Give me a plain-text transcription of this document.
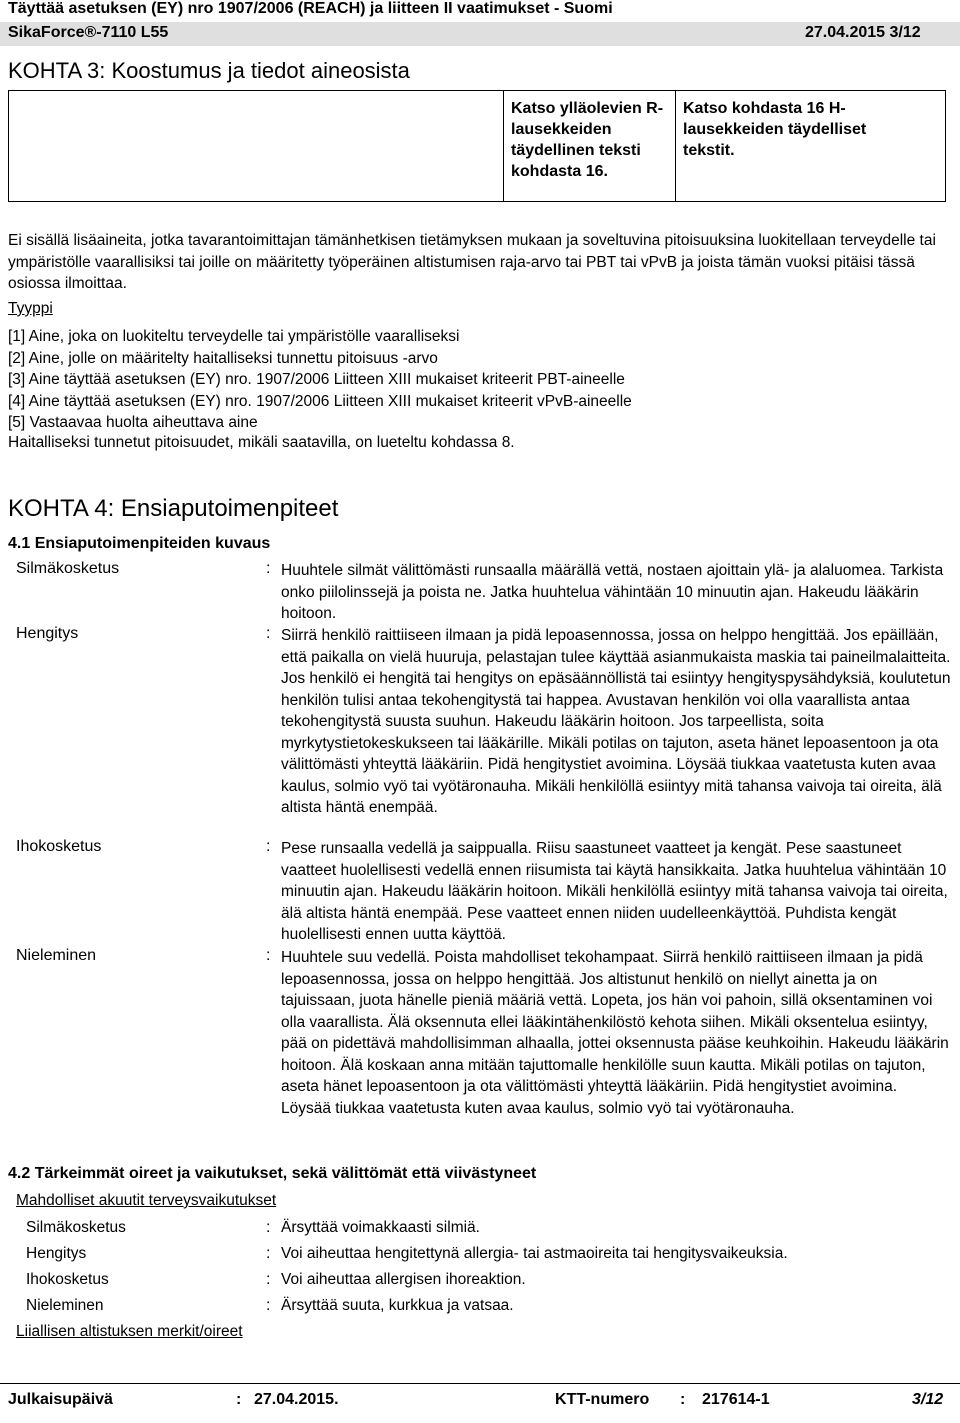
Täyttää asetuksen (EY) nro 1907/2006 (REACH) ja liitteen II vaatimukset - Suomi
SikaForce®-7110 L55	27.04.2015 3/12
KOHTA 3: Koostumus ja tiedot aineosista
Katso ylläolevien R-lausekkeiden täydellinen teksti kohdasta 16.
Katso kohdasta 16 H-lausekkeiden täydelliset tekstit.

Ei sisällä lisäaineita, jotka tavarantoimittajan tämänhetkisen tietämyksen mukaan ja soveltuvina pitoisuuksina luokitellaan terveydelle tai ympäristölle vaarallisiksi tai joille on määritetty työperäinen altistumisen raja-arvo tai PBT tai vPvB ja joista tämän vuoksi pitäisi tässä osiossa ilmoittaa.

Tyyppi
[1] Aine, joka on luokiteltu terveydelle tai ympäristölle vaaralliseksi
[2] Aine, jolle on määritelty haitalliseksi tunnettu pitoisuus -arvo
[3] Aine täyttää asetuksen (EY) nro. 1907/2006 Liitteen XIII mukaiset kriteerit PBT-aineelle
[4] Aine täyttää asetuksen (EY) nro. 1907/2006 Liitteen XIII mukaiset kriteerit vPvB-aineelle
[5] Vastaavaa huolta aiheuttava aine
Haitalliseksi tunnetut pitoisuudet, mikäli saatavilla, on lueteltu kohdassa 8.
KOHTA 4: Ensiaputoimenpiteet
4.1 Ensiaputoimenpiteiden kuvaus
Silmäkosketus	: Huuhtele silmät välittömästi runsaalla määrällä vettä, nostaen ajoittain ylä- ja alaluomea. Tarkista onko piilolinssejä ja poista ne. Jatka huuhtelua vähintään 10 minuutin ajan. Hakeudu lääkärin hoitoon.

Hengitys	: Siirrä henkilö raittiiseen ilmaan ja pidä lepoasennossa, jossa on helppo hengittää. Jos epäillään, että paikalla on vielä huuruja, pelastajan tulee käyttää asianmukaista maskia tai paineilmalaitteita. Jos henkilö ei hengitä tai hengitys on epäsäännöllistä tai esiintyy hengityspysähdyksiä, koulutetun henkilön tulisi antaa tekohengitystä tai happea. Avustavan henkilön voi olla vaarallista antaa tekohengitystä suusta suuhun. Hakeudu lääkärin hoitoon. Jos tarpeellista, soita myrkytystietokeskukseen tai lääkärille. Mikäli potilas on tajuton, aseta hänet lepoasentoon ja ota välittömästi yhteyttä lääkäriin. Pidä hengitystiet avoimina. Löysää tiukkaa vaatetusta kuten avaa kaulus, solmio vyö tai vyötäronauha. Mikäli henkilöllä esiintyy mitä tahansa vaivoja tai oireita, älä altista häntä enempää.

Ihokosketus	: Pese runsaalla vedellä ja saippualla. Riisu saastuneet vaatteet ja kengät. Pese saastuneet vaatteet huolellisesti vedellä ennen riisumista tai käytä hansikkaita. Jatka huuhtelua vähintään 10 minuutin ajan. Hakeudu lääkärin hoitoon. Mikäli henkilöllä esiintyy mitä tahansa vaivoja tai oireita, älä altista häntä enempää. Pese vaatteet ennen niiden uudelleenkäyttöä. Puhdista kengät huolellisesti ennen uutta käyttöä.

Nieleminen	: Huuhtele suu vedellä. Poista mahdolliset tekohampaat. Siirrä henkilö raittiiseen ilmaan ja pidä lepoasennossa, jossa on helppo hengittää. Jos altistunut henkilö on niellyt ainetta ja on tajuissaan, juota hänelle pieniä määriä vettä. Lopeta, jos hän voi pahoin, sillä oksentaminen voi olla vaarallista. Älä oksennuta ellei lääkintähenkilöstö kehota siihen. Mikäli oksentelua esiintyy, pää on pidettävä mahdollisimman alhaalla, jottei oksennusta pääse keuhkoihin. Hakeudu lääkärin hoitoon. Älä koskaan anna mitään tajuttomalle henkilölle suun kautta. Mikäli potilas on tajuton, aseta hänet lepoasentoon ja ota välittömästi yhteyttä lääkäriin. Pidä hengitystiet avoimina. Löysää tiukkaa vaatetusta kuten avaa kaulus, solmio vyö tai vyötäronauha.

4.2 Tärkeimmät oireet ja vaikutukset, sekä välittömät että viivästyneet
Mahdolliset akuutit terveysvaikutukset
Silmäkosketus	: Ärsyttää voimakkaasti silmiä.
Hengitys	: Voi aiheuttaa hengitettynä allergia- tai astmaoireita tai hengitysvaikeuksia.
Ihokosketus	: Voi aiheuttaa allergisen ihoreaktion.
Nieleminen	: Ärsyttää suuta, kurkkua ja vatsaa.
Liiallisen altistuksen merkit/oireet
Julkaisupäivä	: 27.04.2015.	KTT-numero : 217614-1	3/12
